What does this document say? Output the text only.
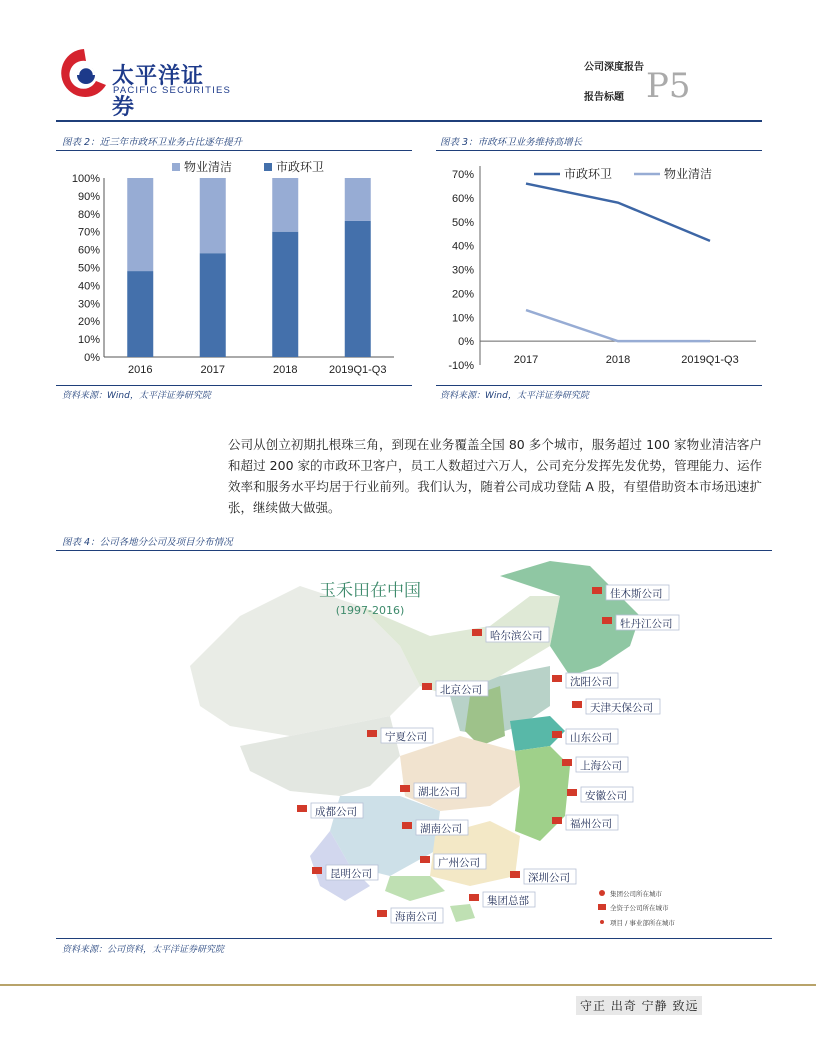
太平洋证券
PACIFIC SECURITIES
公司深度报告
报告标题 P5
图表 2：近三年市政环卫业务占比逐年提升
0%
10%
20%
30%
40%
50%
60%
70%
80%
90%
100%
2016	2017	2018	2019Q1-Q3
物业清洁	市政环卫
资料来源：Wind，太平洋证券研究院
图表 3：市政环卫业务维持高增长
-10%
0%
10%
20%
30%
40%
50%
60%
70%
2017	2018	2019Q1-Q3
市政环卫	物业清洁
资料来源：Wind，太平洋证券研究院
公司从创立初期扎根珠三角，到现在业务覆盖全国 80 多个城市，服务超过 100 家物业清洁客户和超过 200 家的市政环卫客户，员工人数超过六万人，公司充分发挥先发优势，管理能力、运作效率和服务水平均居于行业前列。我们认为，随着公司成功登陆 A 股，有望借助资本市场迅速扩张，继续做大做强。
图表 4：公司各地分公司及项目分布情况
玉禾田在中国
(1997-2016)
佳木斯公司
牡丹江公司
哈尔滨公司
北京公司
沈阳公司
天津天保公司
宁夏公司	山东公司
上海公司
湖北公司	安徽公司
成都公司
湖南公司	福州公司
广州公司
深圳公司
昆明公司
集团总部
海南公司
集团公司所在城市
全资子公司所在城市
项目 / 事业部所在城市
资料来源：公司资料，太平洋证券研究院
守正 出奇 宁静 致远
